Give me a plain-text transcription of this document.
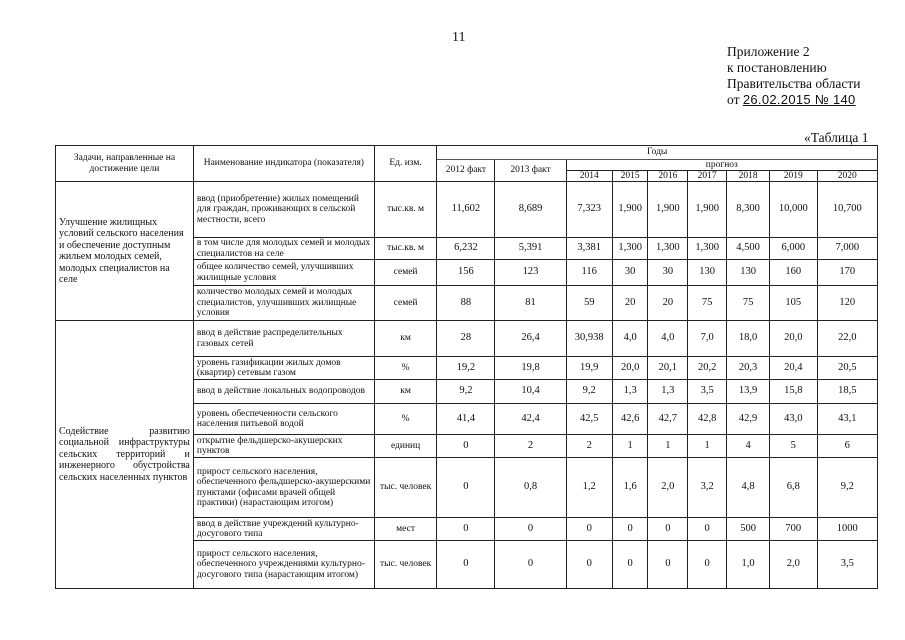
11
Приложение 2
к постановлению
Правительства области
от 26.02.2015 № 140
«Таблица 1
Задачи, направленные на достижение цели	Наименование индикатора (показателя)	Ед. изм.	Годы								
			2012 факт	2013 факт	прогноз						
					2014	2015	2016	2017	2018	2019	2020
Улучшение жилищных условий сельского населения и обеспечение доступным жильем молодых семей, молодых специалистов на селе	ввод (приобретение) жилых помещений для граждан, проживающих в сельской местности, всего	тыс.кв. м	11,602	8,689	7,323	1,900	1,900	1,900	8,300	10,000	10,700
	в том числе для молодых семей и молодых специалистов на селе	тыс.кв. м	6,232	5,391	3,381	1,300	1,300	1,300	4,500	6,000	7,000
	общее количество семей, улучшивших жилищные условия	семей	156	123	116	30	30	130	130	160	170
	количество молодых семей и молодых специалистов, улучшивших жилищные условия	семей	88	81	59	20	20	75	75	105	120
Содействие развитию социальной инфраструктуры сельских территорий и инженерного обустройства сельских населенных пунктов	ввод в действие распределительных газовых сетей	км	28	26,4	30,938	4,0	4,0	7,0	18,0	20,0	22,0
	уровень газификации жилых домов (квартир) сетевым газом	%	19,2	19,8	19,9	20,0	20,1	20,2	20,3	20,4	20,5
	ввод в действие локальных водопроводов	км	9,2	10,4	9,2	1,3	1,3	3,5	13,9	15,8	18,5
	уровень обеспеченности сельского населения питьевой водой	%	41,4	42,4	42,5	42,6	42,7	42,8	42,9	43,0	43,1
	открытие фельдшерско-акушерских пунктов	единиц	0	2	2	1	1	1	4	5	6
	прирост сельского населения, обеспеченного фельдшерско-акушерскими пунктами (офисами врачей общей практики) (нарастающим итогом)	тыс. человек	0	0,8	1,2	1,6	2,0	3,2	4,8	6,8	9,2
	ввод в действие учреждений культурно-досугового типа	мест	0	0	0	0	0	0	500	700	1000
	прирост сельского населения, обеспеченного учреждениями культурно-досугового типа (нарастающим итогом)	тыс. человек	0	0	0	0	0	0	1,0	2,0	3,5
